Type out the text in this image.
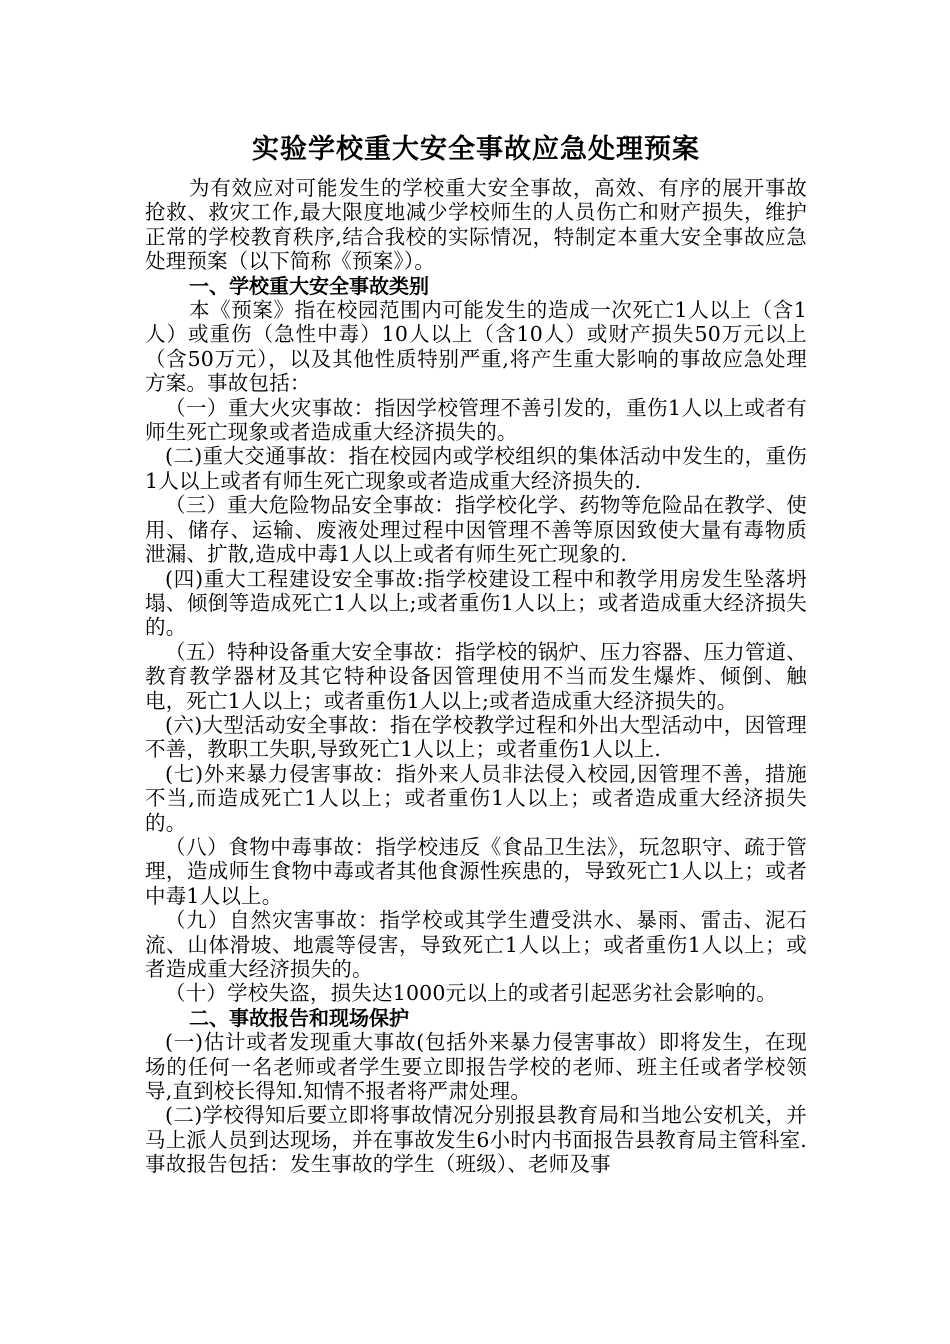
实验学校重大安全事故应急处理预案

为有效应对可能发生的学校重大安全事故，高效、有序的展开事故抢救、救灾工作,最大限度地减少学校师生的人员伤亡和财产损失，维护正常的学校教育秩序,结合我校的实际情况，特制定本重大安全事故应急处理预案（以下简称《预案》）。

一、学校重大安全事故类别

本《预案》指在校园范围内可能发生的造成一次死亡1人以上（含1人）或重伤（急性中毒）10人以上（含10人）或财产损失50万元以上（含50万元），以及其他性质特别严重,将产生重大影响的事故应急处理方案。事故包括：

（一）重大火灾事故：指因学校管理不善引发的，重伤1人以上或者有师生死亡现象或者造成重大经济损失的。

(二)重大交通事故：指在校园内或学校组织的集体活动中发生的，重伤1人以上或者有师生死亡现象或者造成重大经济损失的.

（三）重大危险物品安全事故：指学校化学、药物等危险品在教学、使用、储存、运输、废液处理过程中因管理不善等原因致使大量有毒物质泄漏、扩散,造成中毒1人以上或者有师生死亡现象的.

(四)重大工程建设安全事故:指学校建设工程中和教学用房发生坠落坍塌、倾倒等造成死亡1人以上;或者重伤1人以上；或者造成重大经济损失的。

（五）特种设备重大安全事故：指学校的锅炉、压力容器、压力管道、教育教学器材及其它特种设备因管理使用不当而发生爆炸、倾倒、触电，死亡1人以上；或者重伤1人以上;或者造成重大经济损失的。

(六)大型活动安全事故：指在学校教学过程和外出大型活动中，因管理不善，教职工失职,导致死亡1人以上；或者重伤1人以上.

(七)外来暴力侵害事故：指外来人员非法侵入校园,因管理不善，措施不当,而造成死亡1人以上；或者重伤1人以上；或者造成重大经济损失的。

（八）食物中毒事故：指学校违反《食品卫生法》，玩忽职守、疏于管理，造成师生食物中毒或者其他食源性疾患的，导致死亡1人以上；或者中毒1人以上。

（九）自然灾害事故：指学校或其学生遭受洪水、暴雨、雷击、泥石流、山体滑坡、地震等侵害，导致死亡1人以上；或者重伤1人以上；或者造成重大经济损失的。

（十）学校失盗，损失达1000元以上的或者引起恶劣社会影响的。

二、事故报告和现场保护

(一)估计或者发现重大事故(包括外来暴力侵害事故）即将发生，在现场的任何一名老师或者学生要立即报告学校的老师、班主任或者学校领导,直到校长得知.知情不报者将严肃处理。

(二)学校得知后要立即将事故情况分别报县教育局和当地公安机关，并马上派人员到达现场，并在事故发生6小时内书面报告县教育局主管科室.事故报告包括：发生事故的学生（班级）、老师及事
